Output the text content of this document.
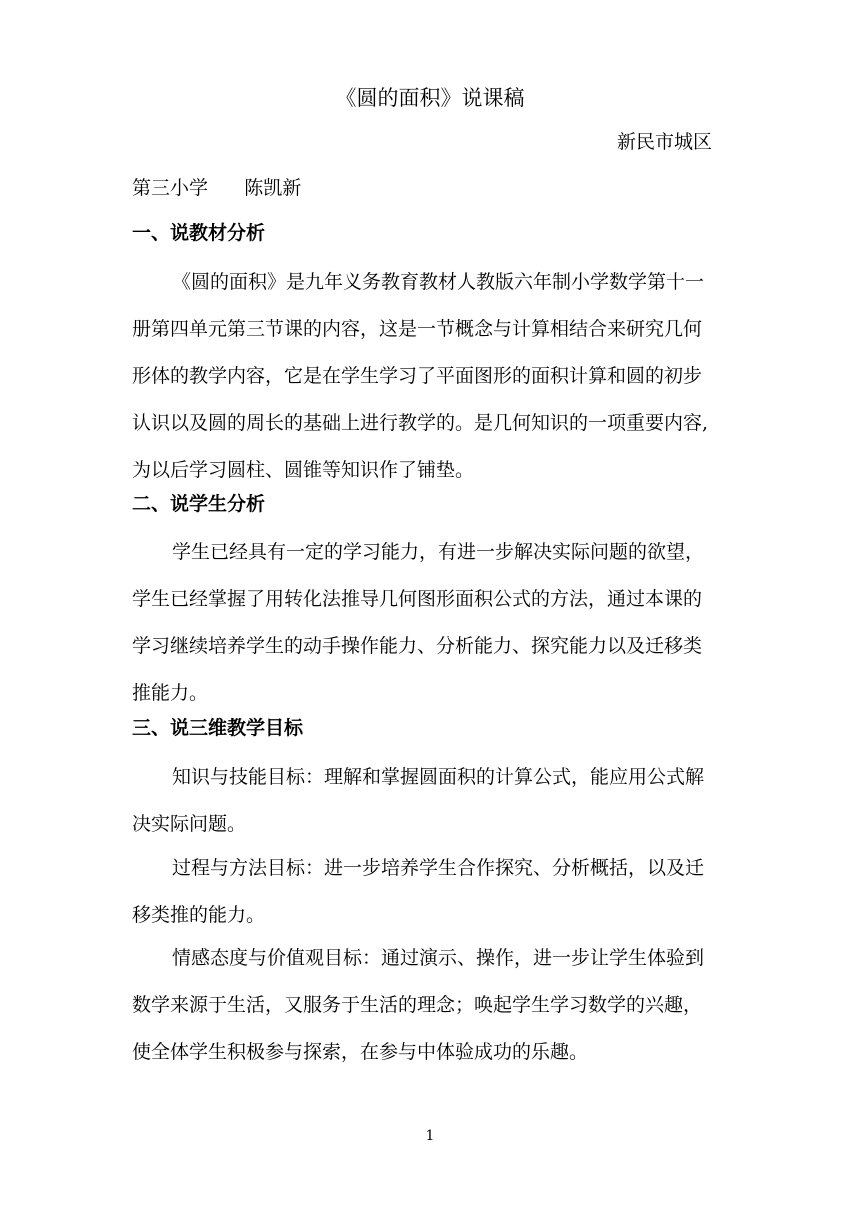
《圆的面积》说课稿
新民市城区
第三小学      陈凯新
一、说教材分析
《圆的面积》是九年义务教育教材人教版六年制小学数学第十一
册第四单元第三节课的内容，这是一节概念与计算相结合来研究几何
形体的教学内容，它是在学生学习了平面图形的面积计算和圆的初步
认识以及圆的周长的基础上进行教学的。是几何知识的一项重要内容,
为以后学习圆柱、圆锥等知识作了铺垫。
二、说学生分析
学生已经具有一定的学习能力，有进一步解决实际问题的欲望，
学生已经掌握了用转化法推导几何图形面积公式的方法，通过本课的
学习继续培养学生的动手操作能力、分析能力、探究能力以及迁移类
推能力。
三、说三维教学目标
知识与技能目标：理解和掌握圆面积的计算公式，能应用公式解
决实际问题。
过程与方法目标：进一步培养学生合作探究、分析概括，以及迁
移类推的能力。
情感态度与价值观目标：通过演示、操作，进一步让学生体验到
数学来源于生活，又服务于生活的理念；唤起学生学习数学的兴趣，
使全体学生积极参与探索，在参与中体验成功的乐趣。
1
